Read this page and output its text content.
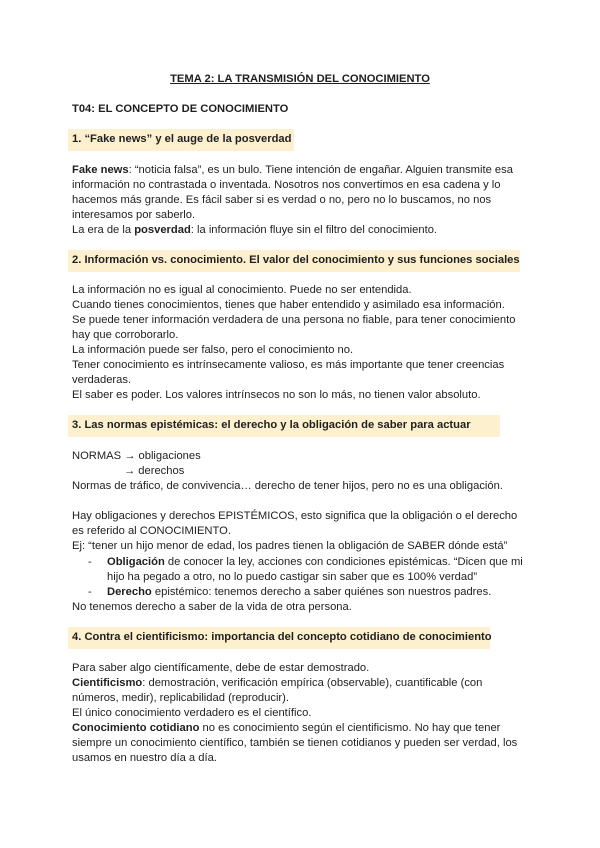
TEMA 2: LA TRANSMISIÓN DEL CONOCIMIENTO
T04: EL CONCEPTO DE CONOCIMIENTO
1. “Fake news” y el auge de la posverdad
Fake news: “noticia falsa”, es un bulo. Tiene intención de engañar. Alguien transmite esa
información no contrastada o inventada. Nosotros nos convertimos en esa cadena y lo
hacemos más grande. Es fácil saber si es verdad o no, pero no lo buscamos, no nos
interesamos por saberlo.
La era de la posverdad: la información fluye sin el filtro del conocimiento.
2. Información vs. conocimiento. El valor del conocimiento y sus funciones sociales
La información no es igual al conocimiento. Puede no ser entendida.
Cuando tienes conocimientos, tienes que haber entendido y asimilado esa información.
Se puede tener información verdadera de una persona no fiable, para tener conocimiento
hay que corroborarlo.
La información puede ser falso, pero el conocimiento no.
Tener conocimiento es intrínsecamente valioso, es más importante que tener creencias
verdaderas.
El saber es poder. Los valores intrínsecos no son lo más, no tienen valor absoluto.
3. Las normas epistémicas: el derecho y la obligación de saber para actuar
NORMAS → obligaciones
→ derechos
Normas de tráfico, de convivencia… derecho de tener hijos, pero no es una obligación.
Hay obligaciones y derechos EPISTÉMICOS, esto significa que la obligación o el derecho
es referido al CONOCIMIENTO.
Ej: “tener un hijo menor de edad, los padres tienen la obligación de SABER dónde está”
- Obligación de conocer la ley, acciones con condiciones epistémicas. “Dicen que mi
hijo ha pegado a otro, no lo puedo castigar sin saber que es 100% verdad”
- Derecho epistémico: tenemos derecho a saber quiénes son nuestros padres.
No tenemos derecho a saber de la vida de otra persona.
4. Contra el cientificismo: importancia del concepto cotidiano de conocimiento
Para saber algo científicamente, debe de estar demostrado.
Cientificismo: demostración, verificación empírica (observable), cuantificable (con
números, medir), replicabilidad (reproducir).
El único conocimiento verdadero es el científico.
Conocimiento cotidiano no es conocimiento según el cientificismo. No hay que tener
siempre un conocimiento científico, también se tienen cotidianos y pueden ser verdad, los
usamos en nuestro día a día.
